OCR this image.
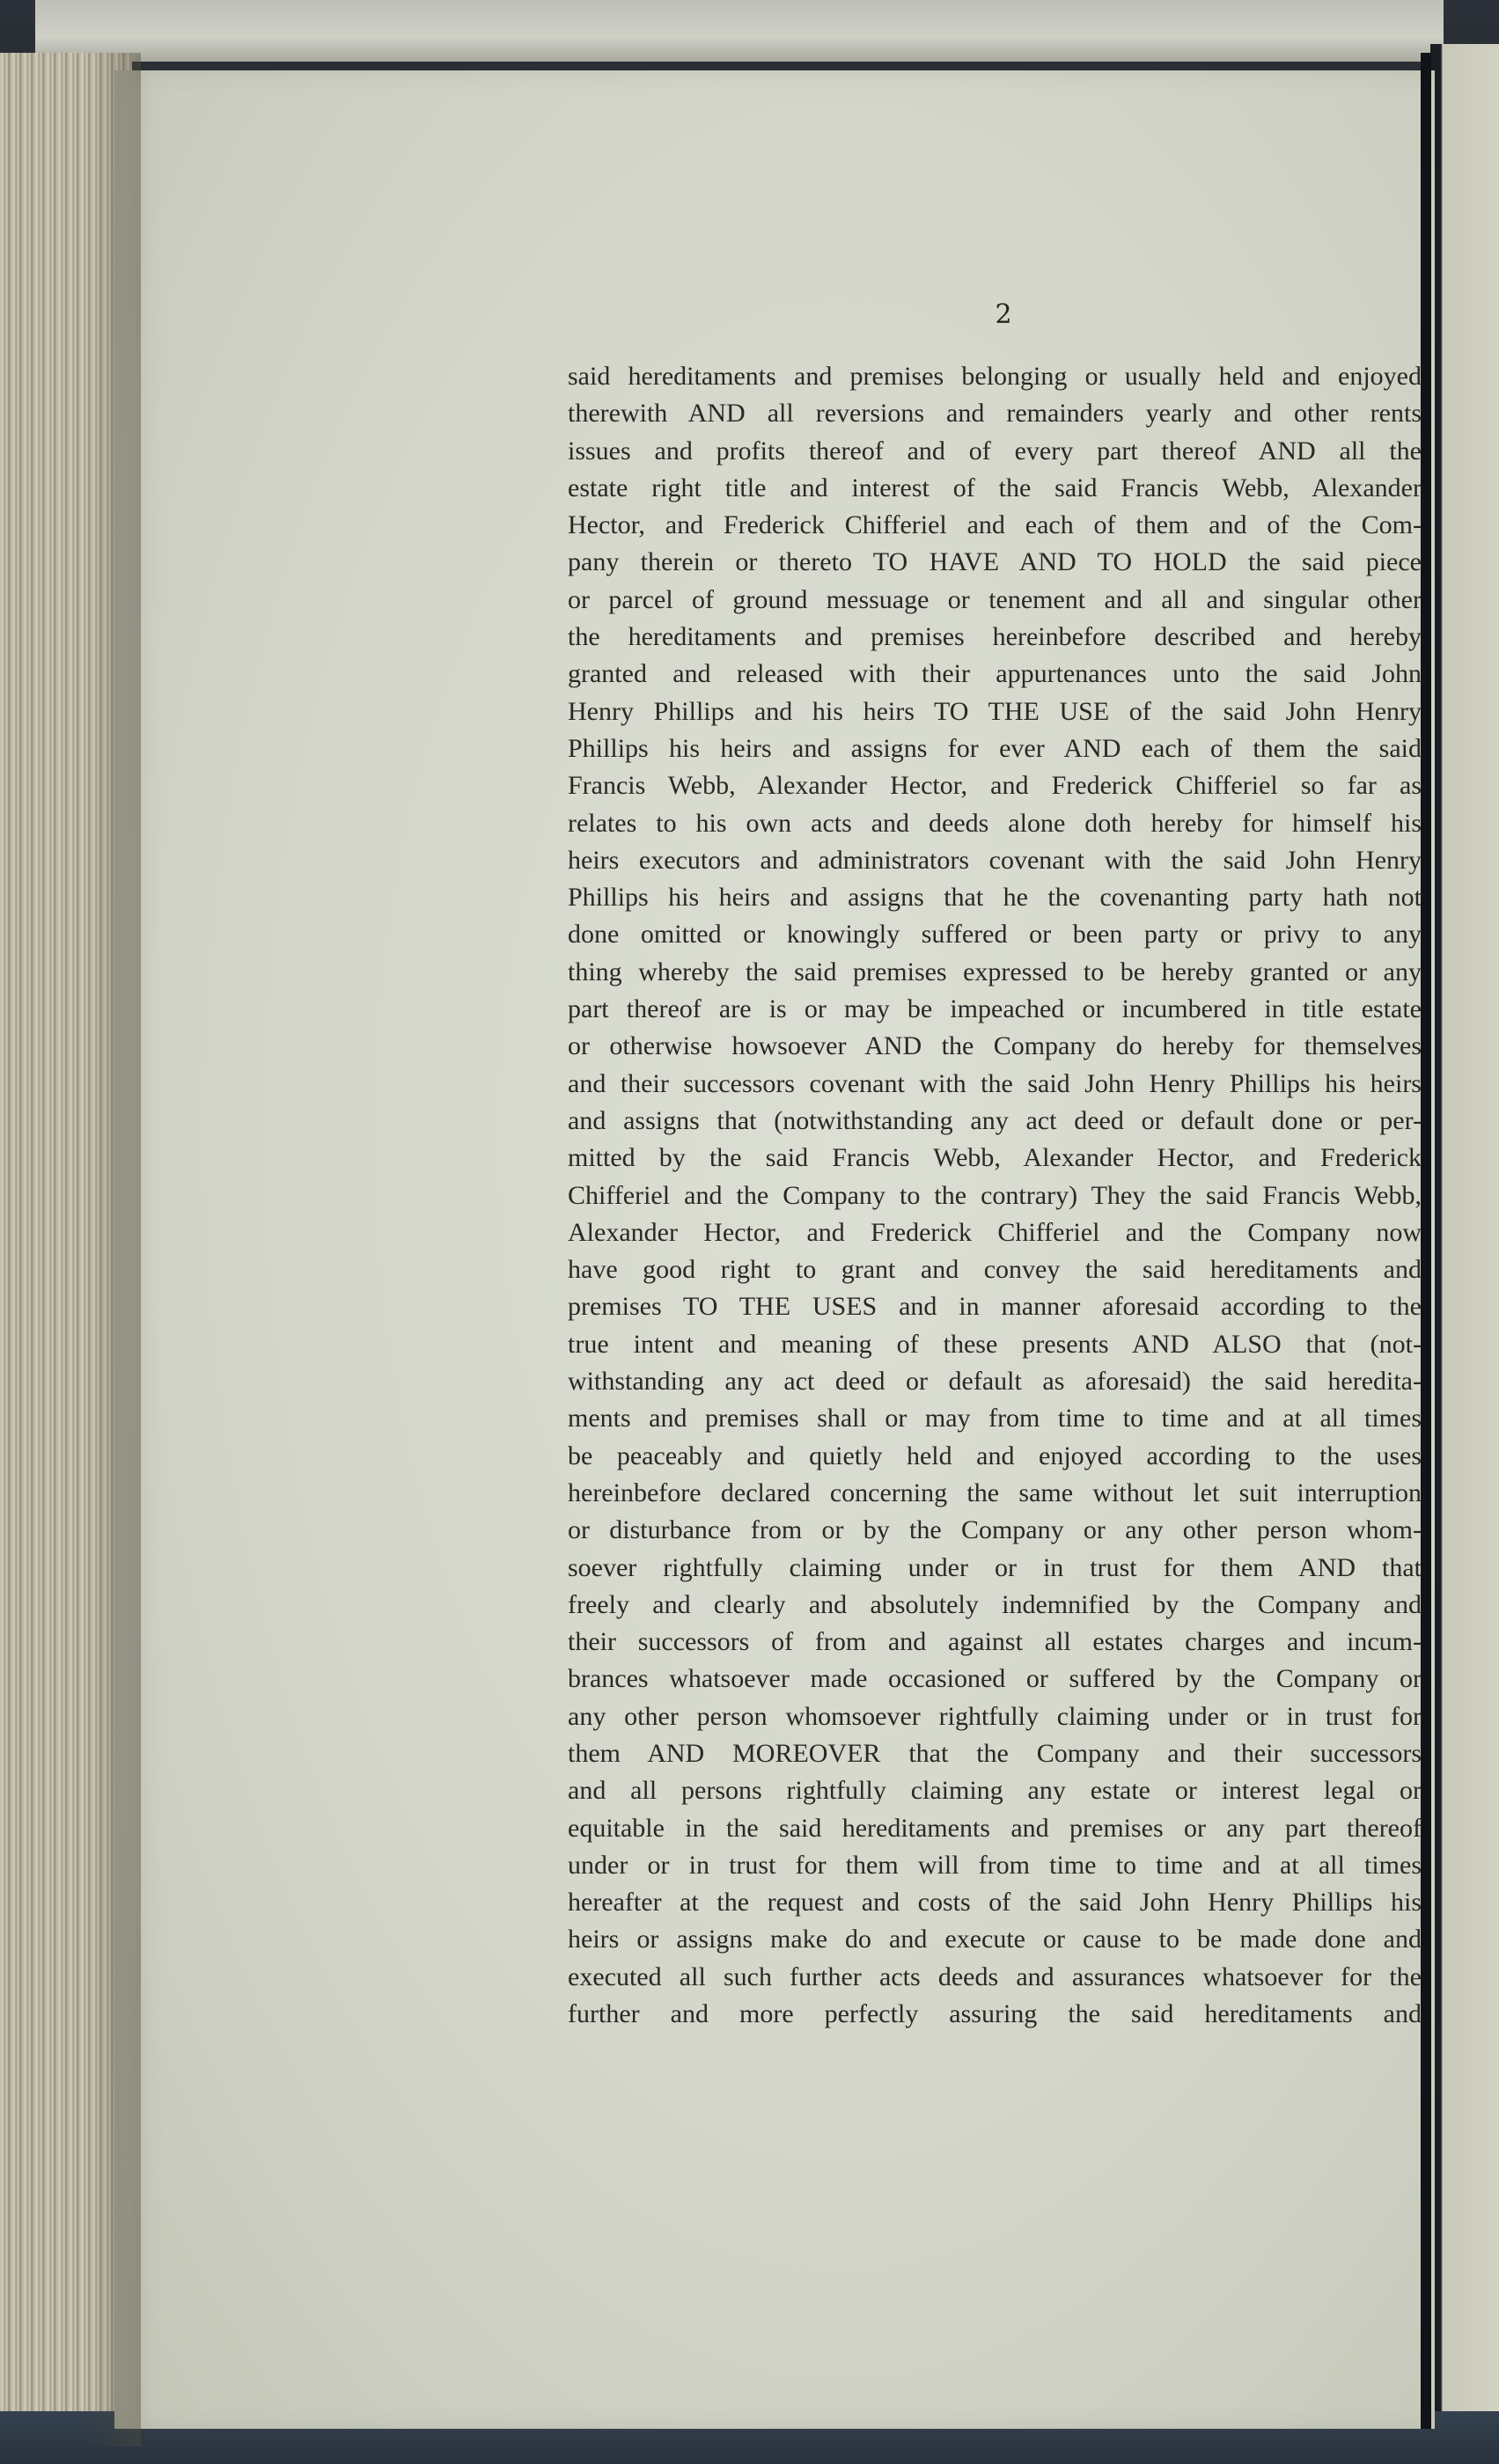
2
said hereditaments and premises belonging or usually held and enjoyed
therewith AND all reversions and remainders yearly and other rents
issues and profits thereof and of every part thereof AND all the
estate right title and interest of the said Francis Webb, Alexander
Hector, and Frederick Chifferiel and each of them and of the Com-
pany therein or thereto TO HAVE AND TO HOLD the said piece
or parcel of ground messuage or tenement and all and singular other
the hereditaments and premises hereinbefore described and hereby
granted and released with their appurtenances unto the said John
Henry Phillips and his heirs TO THE USE of the said John Henry
Phillips his heirs and assigns for ever AND each of them the said
Francis Webb, Alexander Hector, and Frederick Chifferiel so far as
relates to his own acts and deeds alone doth hereby for himself his
heirs executors and administrators covenant with the said John Henry
Phillips his heirs and assigns that he the covenanting party hath not
done omitted or knowingly suffered or been party or privy to any
thing whereby the said premises expressed to be hereby granted or any
part thereof are is or may be impeached or incumbered in title estate
or otherwise howsoever AND the Company do hereby for themselves
and their successors covenant with the said John Henry Phillips his heirs
and assigns that (notwithstanding any act deed or default done or per-
mitted by the said Francis Webb, Alexander Hector, and Frederick
Chifferiel and the Company to the contrary) They the said Francis Webb,
Alexander Hector, and Frederick Chifferiel and the Company now
have good right to grant and convey the said hereditaments and
premises TO THE USES and in manner aforesaid according to the
true intent and meaning of these presents AND ALSO that (not-
withstanding any act deed or default as aforesaid) the said heredita-
ments and premises shall or may from time to time and at all times
be peaceably and quietly held and enjoyed according to the uses
hereinbefore declared concerning the same without let suit interruption
or disturbance from or by the Company or any other person whom-
soever rightfully claiming under or in trust for them AND that
freely and clearly and absolutely indemnified by the Company and
their successors of from and against all estates charges and incum-
brances whatsoever made occasioned or suffered by the Company or
any other person whomsoever rightfully claiming under or in trust for
them AND MOREOVER that the Company and their successors
and all persons rightfully claiming any estate or interest legal or
equitable in the said hereditaments and premises or any part thereof
under or in trust for them will from time to time and at all times
hereafter at the request and costs of the said John Henry Phillips his
heirs or assigns make do and execute or cause to be made done and
executed all such further acts deeds and assurances whatsoever for the
further and more perfectly assuring the said hereditaments and
